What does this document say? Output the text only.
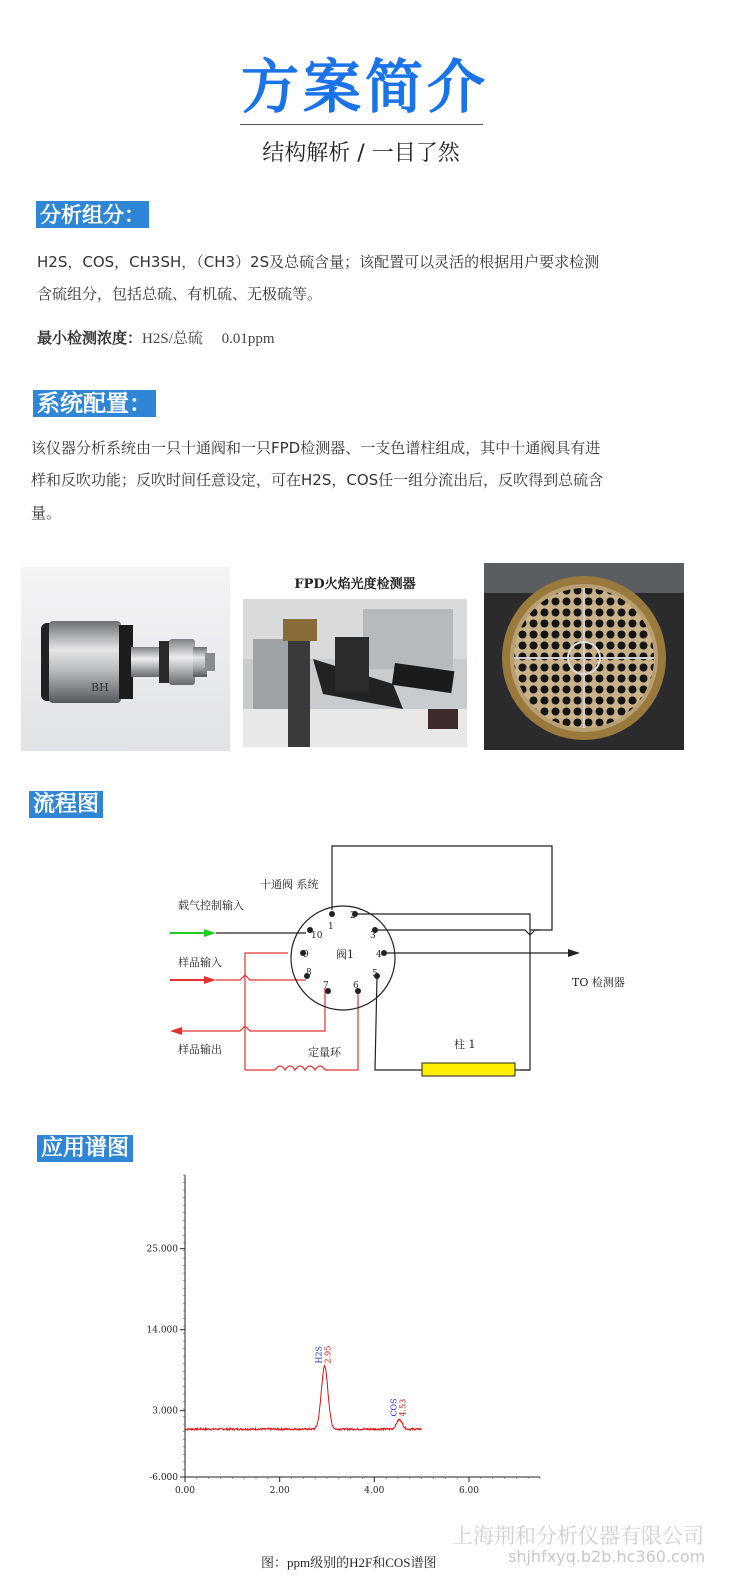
方案简介
结构解析 / 一目了然
分析组分：
H2S，COS，CH3SH，（CH3）2S及总硫含量；该配置可以灵活的根据用户要求检测
含硫组分，包括总硫、有机硫、无极硫等。
最小检测浓度：H2S/总硫　 0.01ppm
系统配置：
该仪器分析系统由一只十通阀和一只FPD检测器、一支色谱柱组成，其中十通阀具有进
样和反吹功能；反吹时间任意设定，可在H2S，COS任一组分流出后，反吹得到总硫含
量。
BH
FPD火焰光度检测器
流程图
十通阀 系统
载气控制输入
样品输入
样品输出	定量环
阀1
柱 1
TO 检测器
1
2
3
4
5
6
7
8
9
10
应用谱图
-6.000
3.000
14.000
25.000
0.00	2.00	4.00	6.00
H2S 2.95
COS 4.53
图：ppm级别的H2F和COS谱图
上海荆和分析仪器有限公司
shjhfxyq.b2b.hc360.com
